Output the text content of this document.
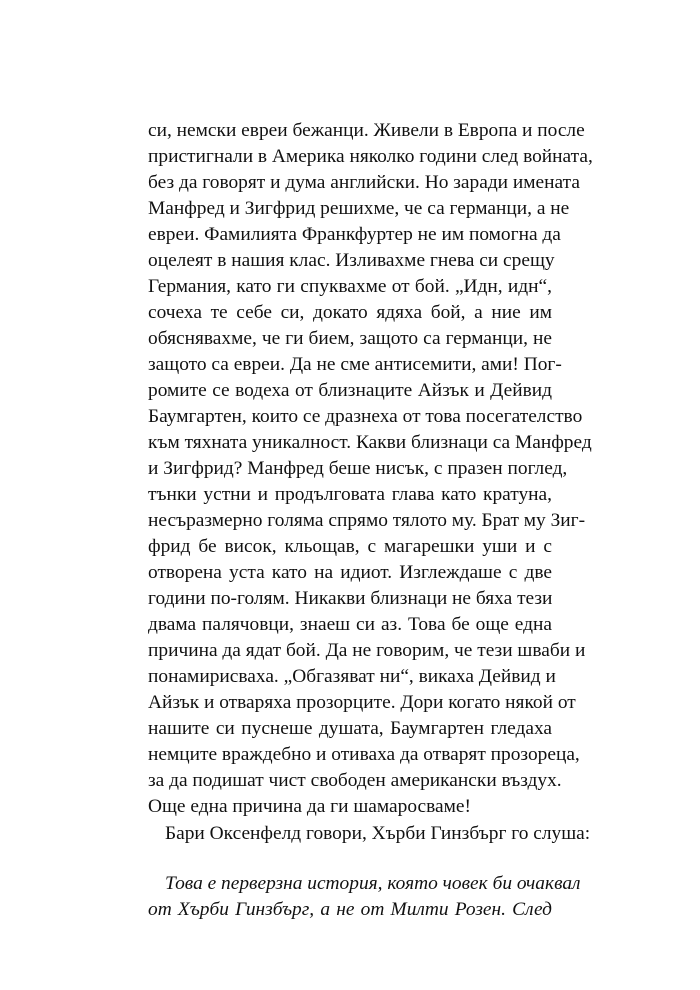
си, немски евреи бежанци. Живели в Европа и после
пристигнали в Америка няколко години след войната,
без да говорят и дума английски. Но заради имената
Манфред и Зигфрид решихме, че са германци, а не
евреи. Фамилията Франкфуртер не им помогна да
оцелеят в нашия клас. Изливахме гнева си срещу
Германия, като ги спуквахме от бой. „Идн, идн“,
сочеха те себе си, докато ядяха бой, а ние им
обяснявахме, че ги бием, защото са германци, не
защото са евреи. Да не сме антисемити, ами! Пог-
ромите се водеха от близнаците Айзък и Дейвид
Баумгартен, които се дразнеха от това посегателство
към тяхната уникалност. Какви близнаци са Манфред
и Зигфрид? Манфред беше нисък, с празен поглед,
тънки устни и продълговата глава като кратуна,
несъразмерно голяма спрямо тялото му. Брат му Зиг-
фрид бе висок, кльощав, с магарешки уши и с
отворена уста като на идиот. Изглеждаше с две
години по-голям. Никакви близнаци не бяха тези
двама палячовци, знаеш си аз. Това бе още една
причина да ядат бой. Да не говорим, че тези шваби и
понамирисваха. „Обгазяват ни“, викаха Дейвид и
Айзък и отваряха прозорците. Дори когато някой от
нашите си пуснеше душата, Баумгартен гледаха
немците враждебно и отиваха да отварят прозореца,
за да подишат чист свободен американски въздух.
Още една причина да ги шамаросваме!
Бари Оксенфелд говори, Хърби Гинзбърг го слуша:
Това е перверзна история, която човек би очаквал
от Хърби Гинзбърг, а не от Милти Розен. След
